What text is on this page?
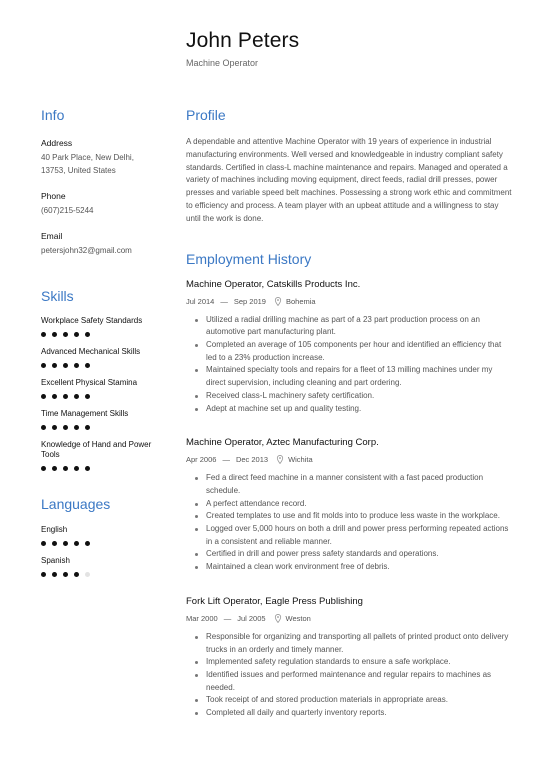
John Peters
Machine Operator
Info
Address
40 Park Place, New Delhi,
13753, United States
Phone
(607)215-5244
Email
petersjohn32@gmail.com
Skills
Workplace Safety Standards
Advanced Mechanical Skills
Excellent Physical Stamina
Time Management Skills
Knowledge of Hand and Power Tools
Languages
English
Spanish
Profile
A dependable and attentive Machine Operator with 19 years of experience in industrial manufacturing environments. Well versed and knowledgeable in industry compliant safety standards. Certified in class-L machine maintenance and repairs. Managed and operated a variety of machines including moving equipment, direct feeds, radial drill presses, power presses and variable speed belt machines. Possessing a strong work ethic and commitment to efficiency and process. A team player with an upbeat attitude and a willingness to stay until the work is done.
Employment History
Machine Operator, Catskills Products Inc.
Jul 2014 — Sep 2019	Bohemia
Utilized a radial drilling machine as part of a 23 part production process on an automotive part manufacturing plant.
Completed an average of 105 components per hour and identified an efficiency that led to a 23% production increase.
Maintained specialty tools and repairs for a fleet of 13 milling machines under my direct supervision, including cleaning and part ordering.
Received class-L machinery safety certification.
Adept at machine set up and quality testing.
Machine Operator, Aztec Manufacturing Corp.
Apr 2006 — Dec 2013	Wichita
Fed a direct feed machine in a manner consistent with a fast paced production schedule.
A perfect attendance record.
Created templates to use and fit molds into to produce less waste in the workplace.
Logged over 5,000 hours on both a drill and power press performing repeated actions in a consistent and reliable manner.
Certified in drill and power press safety standards and operations.
Maintained a clean work environment free of debris.
Fork Lift Operator, Eagle Press Publishing
Mar 2000 — Jul 2005	Weston
Responsible for organizing and transporting all pallets of printed product onto delivery trucks in an orderly and timely manner.
Implemented safety regulation standards to ensure a safe workplace.
Identified issues and performed maintenance and regular repairs to machines as needed.
Took receipt of and stored production materials in appropriate areas.
Completed all daily and quarterly inventory reports.
